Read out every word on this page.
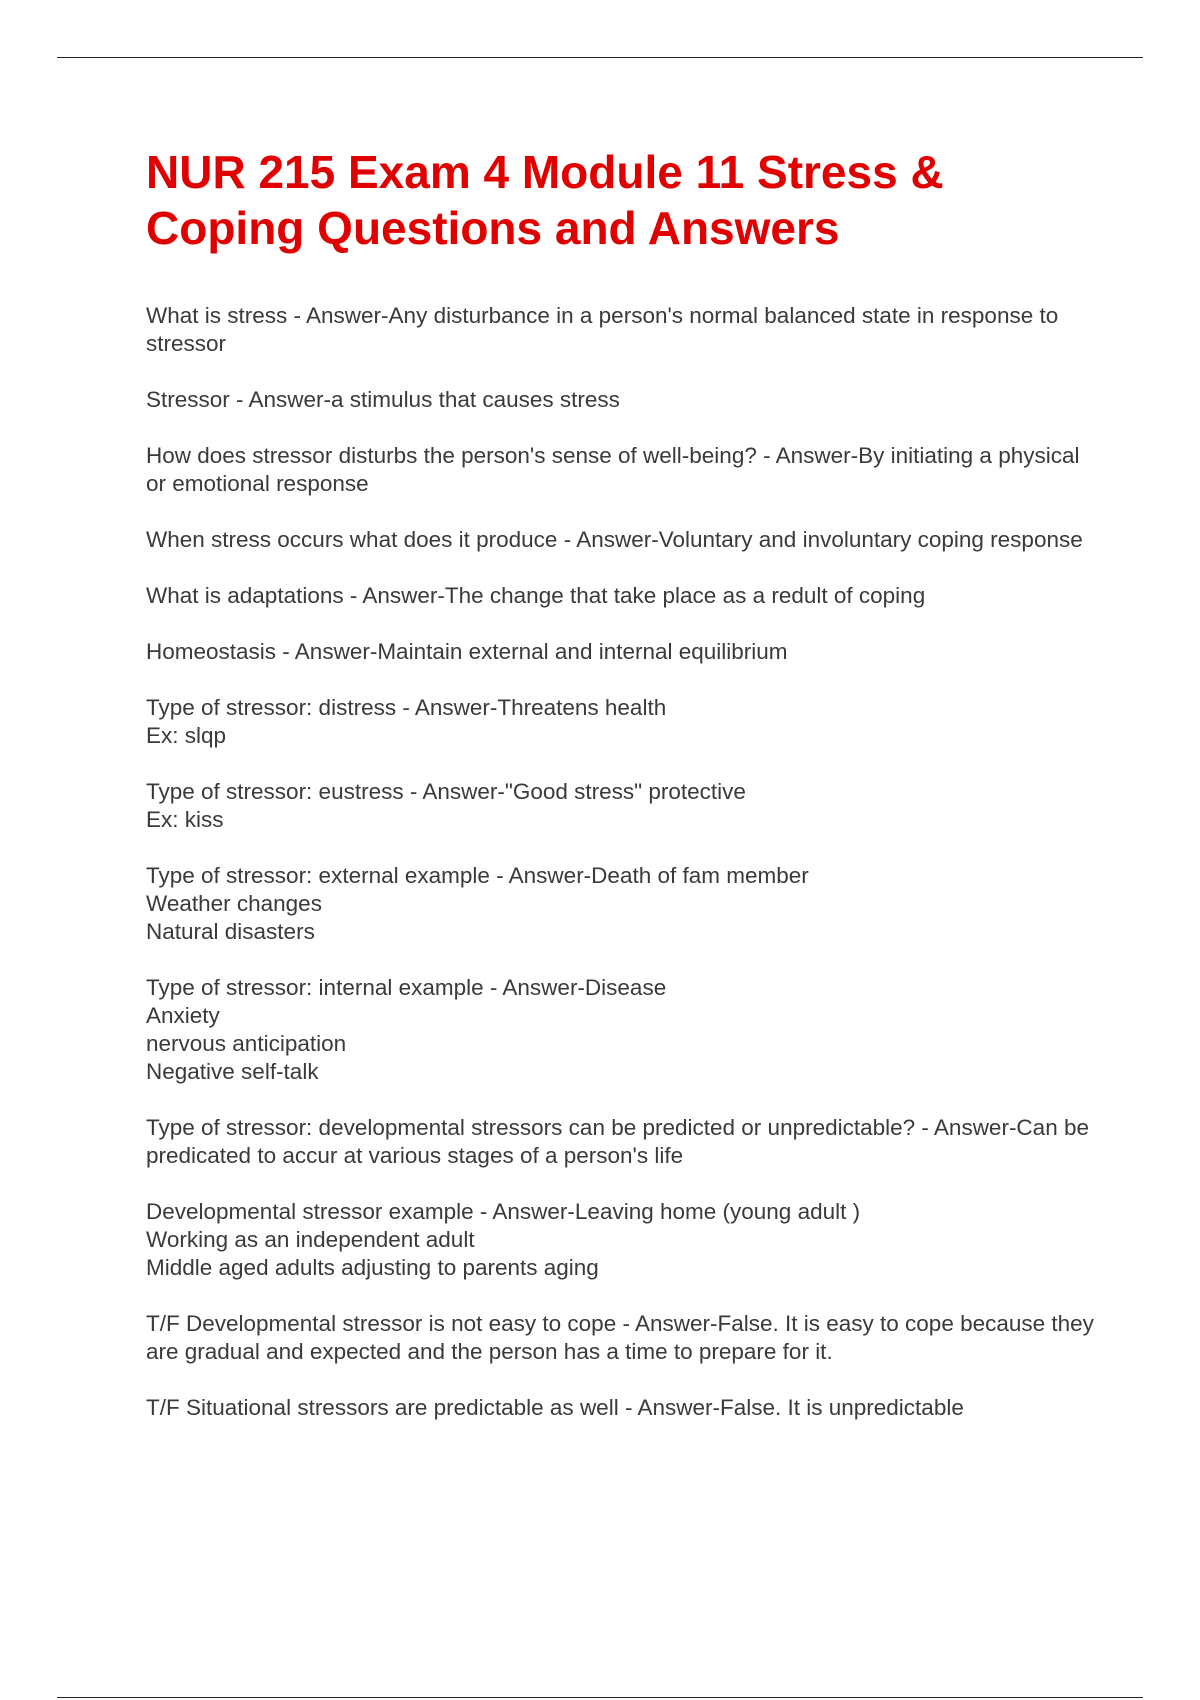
NUR 215 Exam 4 Module 11 Stress & Coping Questions and Answers

What is stress - Answer-Any disturbance in a person's normal balanced state in response to stressor

Stressor - Answer-a stimulus that causes stress

How does stressor disturbs the person's sense of well-being? - Answer-By initiating a physical or emotional response

When stress occurs what does it produce - Answer-Voluntary and involuntary coping response

What is adaptations - Answer-The change that take place as a redult of coping

Homeostasis - Answer-Maintain external and internal equilibrium

Type of stressor: distress - Answer-Threatens health
Ex: slqp

Type of stressor: eustress - Answer-"Good stress" protective
Ex: kiss

Type of stressor: external example - Answer-Death of fam member
Weather changes
Natural disasters

Type of stressor: internal example - Answer-Disease
Anxiety
nervous anticipation
Negative self-talk

Type of stressor: developmental stressors can be predicted or unpredictable? - Answer-Can be predicated to accur at various stages of a person's life

Developmental stressor example - Answer-Leaving home (young adult )
Working as an independent adult
Middle aged adults adjusting to parents aging

T/F Developmental stressor is not easy to cope - Answer-False. It is easy to cope because they are gradual and expected and the person has a time to prepare for it.

T/F Situational stressors are predictable as well - Answer-False. It is unpredictable
